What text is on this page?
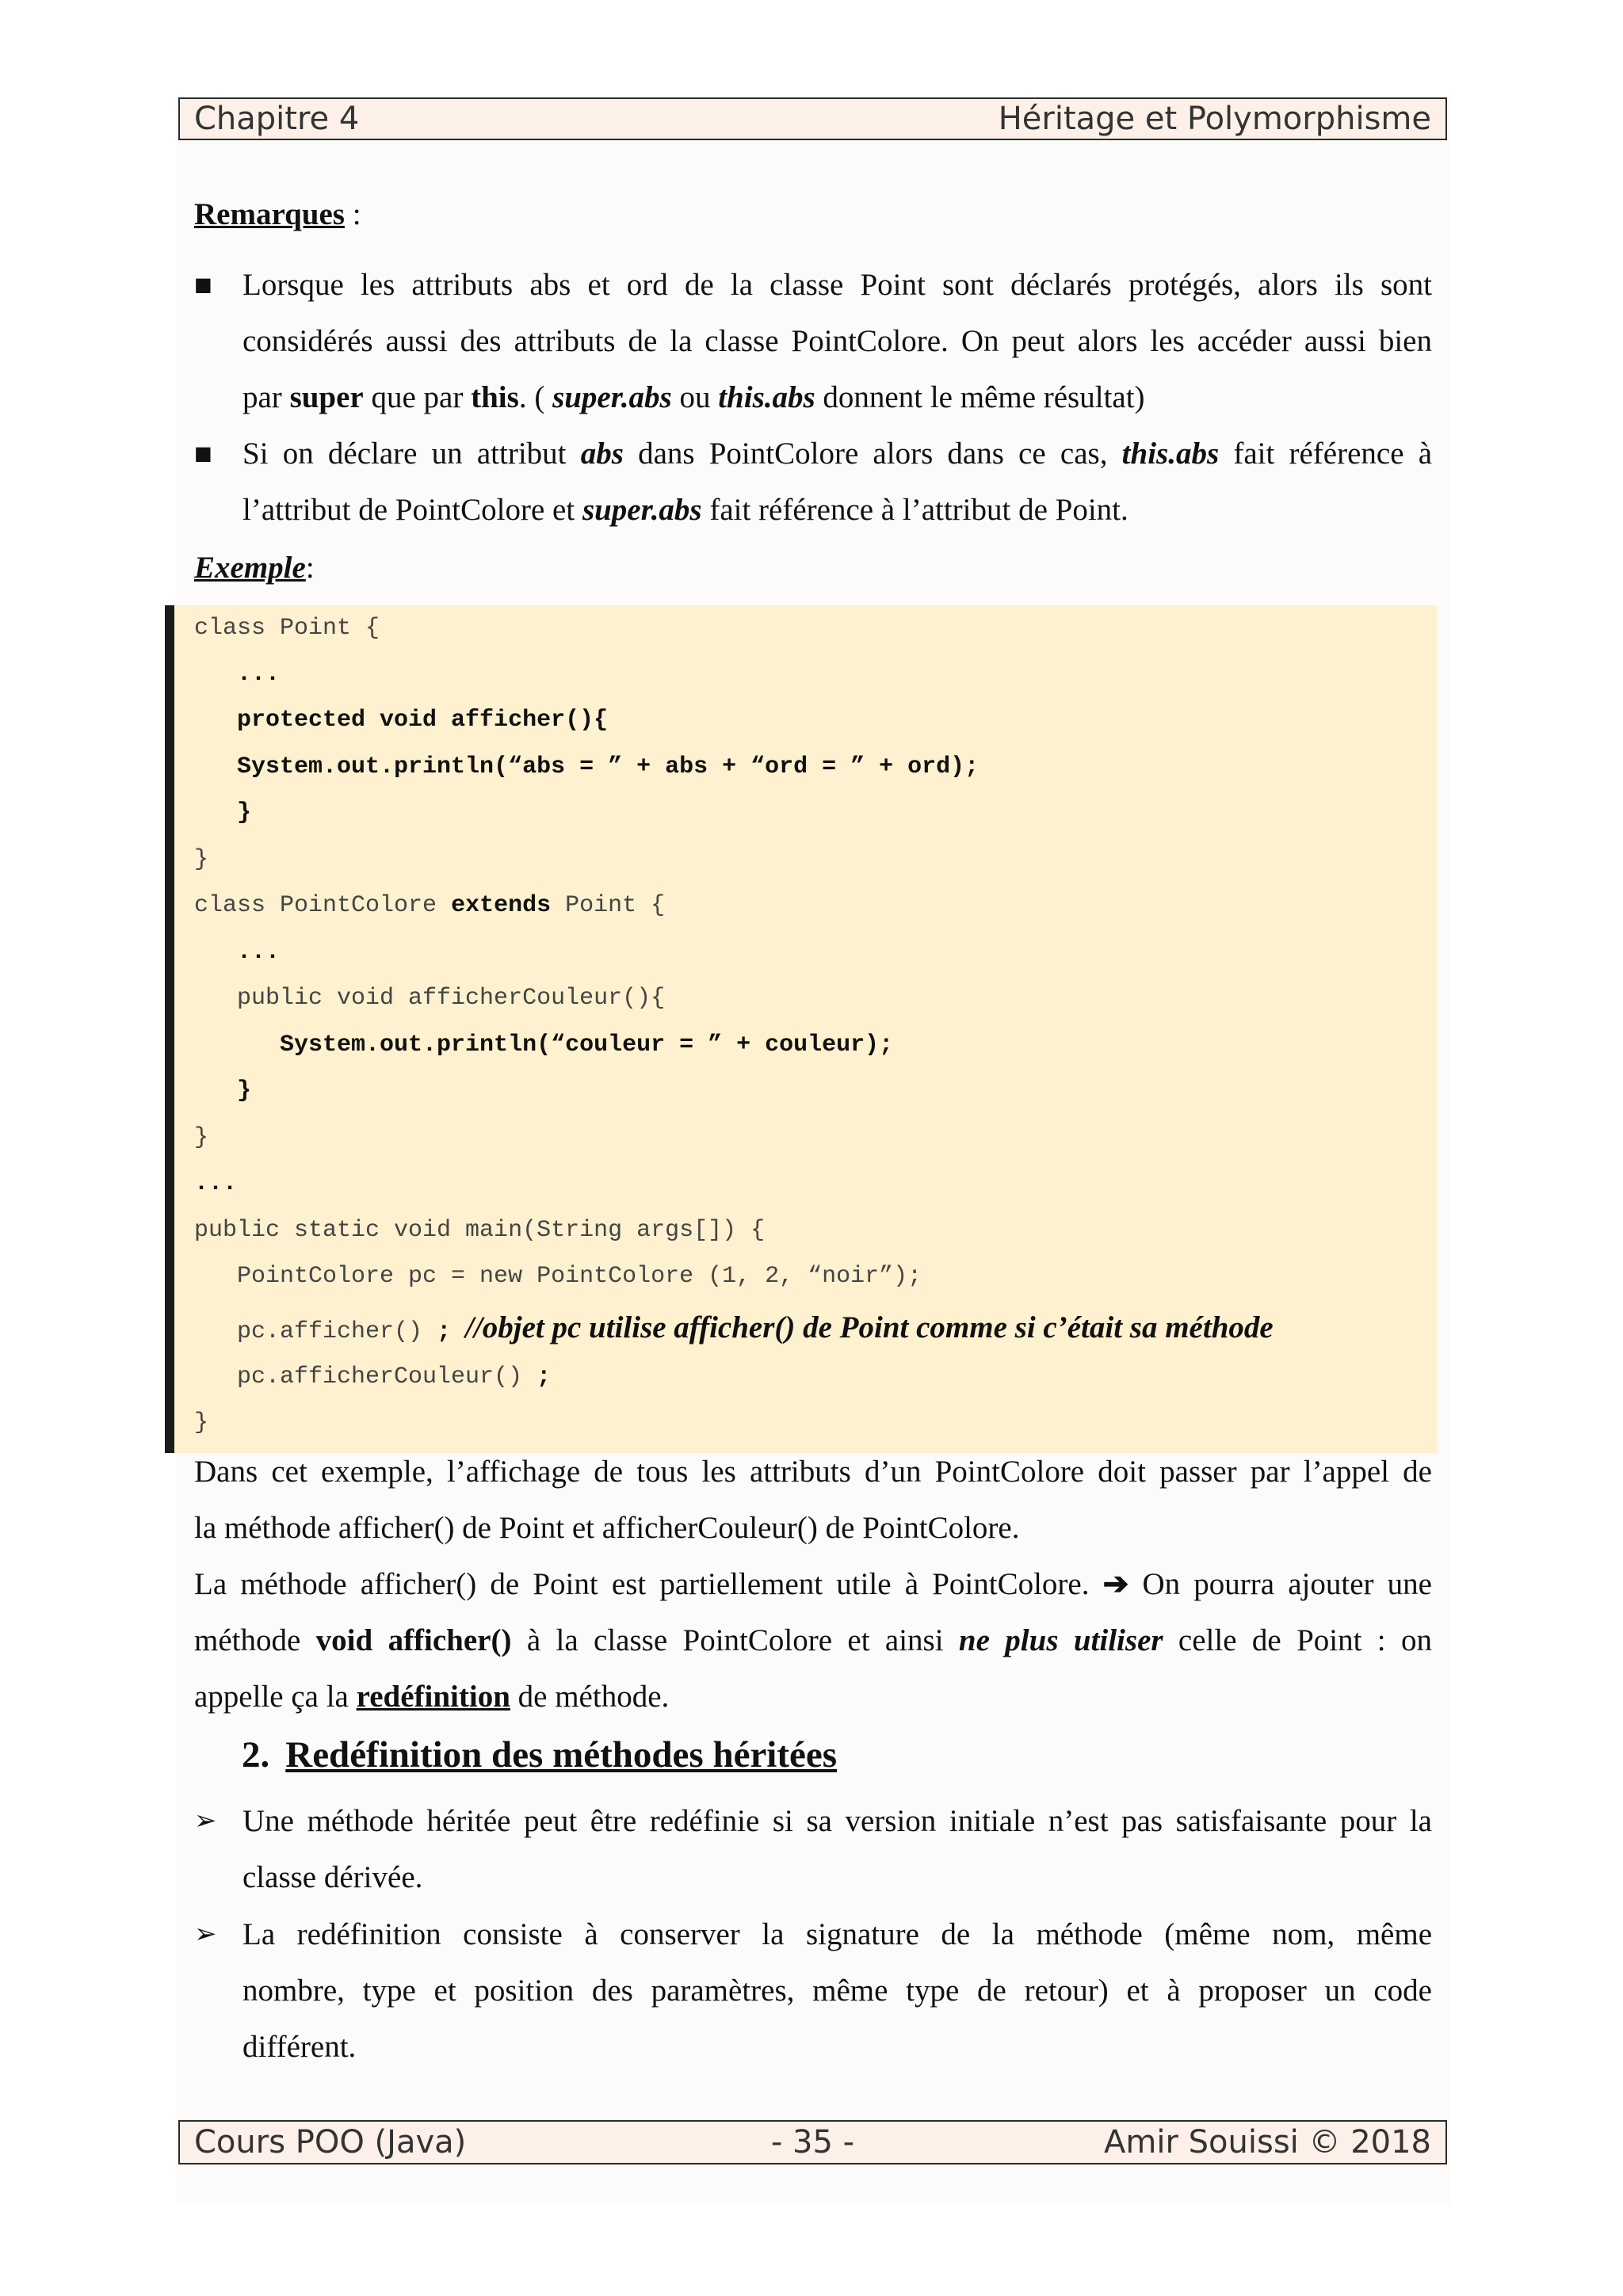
Chapitre 4	Héritage et Polymorphisme
Remarques :
■ Lorsque les attributs abs et ord de la classe Point sont déclarés protégés, alors ils sont
considérés aussi des attributs de la classe PointColore. On peut alors les accéder aussi bien
par super que par this. ( super.abs ou this.abs donnent le même résultat)
■ Si on déclare un attribut abs dans PointColore alors dans ce cas, this.abs fait référence à
l’attribut de PointColore et super.abs fait référence à l’attribut de Point.
Exemple:
class Point {
...
protected void afficher(){
System.out.println(“abs = ” + abs + “ord = ” + ord);
}
}
class PointColore extends Point {
...
public void afficherCouleur(){
System.out.println(“couleur = ” + couleur);
}
}
...
public static void main(String args[]) {
PointColore pc = new PointColore (1, 2, “noir”);
pc.afficher() ; //objet pc utilise afficher() de Point comme si c’était sa méthode
pc.afficherCouleur() ;
}
Dans cet exemple, l’affichage de tous les attributs d’un PointColore doit passer par l’appel de
la méthode afficher() de Point et afficherCouleur() de PointColore.
La méthode afficher() de Point est partiellement utile à PointColore. ➔ On pourra ajouter une
méthode void afficher() à la classe PointColore et ainsi ne plus utiliser celle de Point : on
appelle ça la redéfinition de méthode.
2. Redéfinition des méthodes héritées
➢ Une méthode héritée peut être redéfinie si sa version initiale n’est pas satisfaisante pour la
classe dérivée.
➢ La redéfinition consiste à conserver la signature de la méthode (même nom, même
nombre, type et position des paramètres, même type de retour) et à proposer un code
différent.
Cours POO (Java)	- 35 -	Amir Souissi © 2018
